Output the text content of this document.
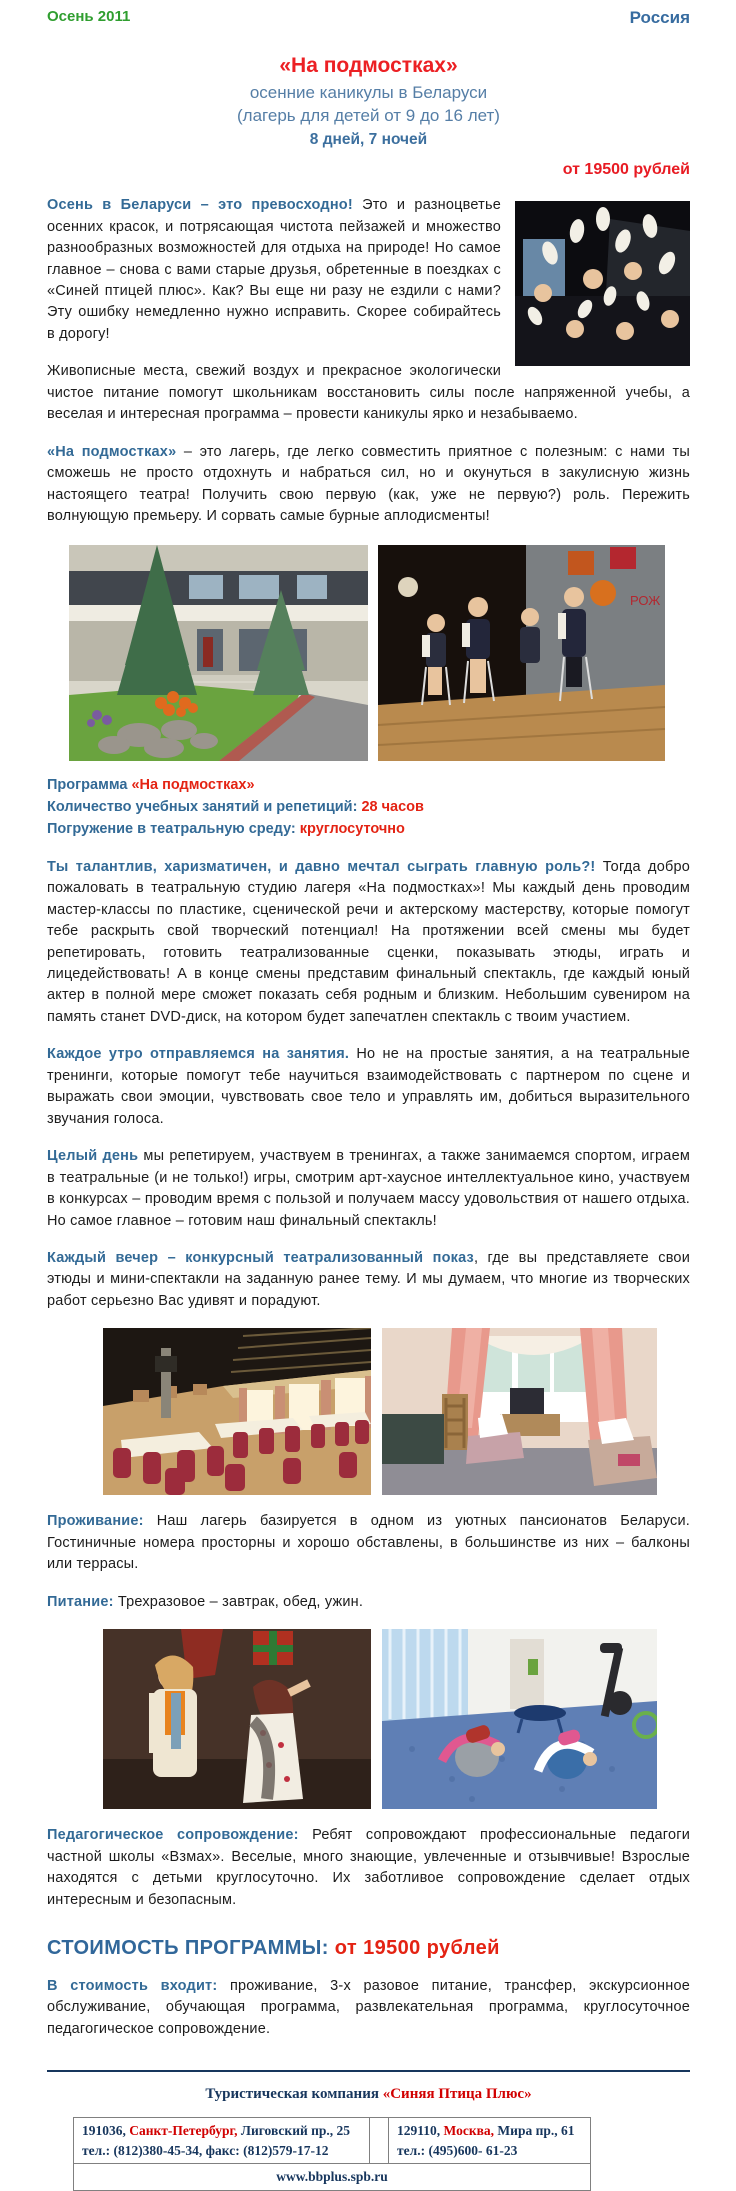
Осень 2011	Россия
«На подмостках»
осенние каникулы в Беларуси
(лагерь для детей от 9 до 16 лет)
8 дней, 7 ночей
от 19500 рублей

Осень в Беларуси – это превосходно! Это и разноцветье осенних красок, и потрясающая чистота пейзажей и множество разнообразных возможностей для отдыха на природе! Но самое главное – снова с вами старые друзья, обретенные в поездках с «Синей птицей плюс». Как? Вы еще ни разу не ездили с нами? Эту ошибку немедленно нужно исправить. Скорее собирайтесь в дорогу!

Живописные места, свежий воздух и прекрасное экологически чистое питание помогут школьникам восстановить силы после напряженной учебы, а веселая и интересная программа – провести каникулы ярко и незабываемо.

«На подмостках» – это лагерь, где легко совместить приятное с полезным: с нами ты сможешь не просто отдохнуть и набраться сил, но и окунуться в закулисную жизнь настоящего театра! Получить свою первую (как, уже не первую?) роль. Пережить волнующую премьеру. И сорвать самые бурные аплодисменты!

РОЖ
Программа «На подмостках»
Количество учебных занятий и репетиций: 28 часов
Погружение в театральную среду: круглосуточно

Ты талантлив, харизматичен, и давно мечтал сыграть главную роль?! Тогда добро пожаловать в театральную студию лагеря «На подмостках»! Мы каждый день проводим мастер-классы по пластике, сценической речи и актерскому мастерству, которые помогут тебе раскрыть свой творческий потенциал! На протяжении всей смены мы будет репетировать, готовить театрализованные сценки, показывать этюды, играть и лицедействовать! А в конце смены представим финальный спектакль, где каждый юный актер в полной мере сможет показать себя родным и близким. Небольшим сувениром на память станет DVD-диск, на котором будет запечатлен спектакль с твоим участием.

Каждое утро отправляемся на занятия. Но не на простые занятия, а на театральные тренинги, которые помогут тебе научиться взаимодействовать с партнером по сцене и выражать свои эмоции, чувствовать свое тело и управлять им, добиться выразительного звучания голоса.

Целый день мы репетируем, участвуем в тренингах, а также занимаемся спортом, играем в театральные (и не только!) игры, смотрим арт-хаусное интеллектуальное кино, участвуем в конкурсах – проводим время с пользой и получаем массу удовольствия от нашего отдыха. Но самое главное – готовим наш финальный спектакль!

Каждый вечер – конкурсный театрализованный показ, где вы представляете свои этюды и мини-спектакли на заданную ранее тему. И мы думаем, что многие из творческих работ серьезно Вас удивят и порадуют.

Проживание: Наш лагерь базируется в одном из уютных пансионатов Беларуси. Гостиничные номера просторны и хорошо обставлены, в большинстве из них – балконы или террасы.

Питание: Трехразовое – завтрак, обед, ужин.

Педагогическое сопровождение: Ребят сопровождают профессиональные педагоги частной школы «Взмах». Веселые, много знающие, увлеченные и отзывчивые! Взрослые находятся с детьми круглосуточно. Их заботливое сопровождение сделает отдых интересным и безопасным.

СТОИМОСТЬ ПРОГРАММЫ: от 19500 рублей

В стоимость входит: проживание, 3-х разовое питание, трансфер, экскурсионное обслуживание, обучающая программа, развлекательная программа, круглосуточное педагогическое сопровождение.

Туристическая компания «Синяя Птица Плюс»
191036, Санкт-Петербург, Лиговский пр., 25
тел.: (812)380-45-34, факс: (812)579-17-12

129110, Москва, Мира пр., 61
тел.: (495)600- 61-23

www.bbplus.spb.ru
